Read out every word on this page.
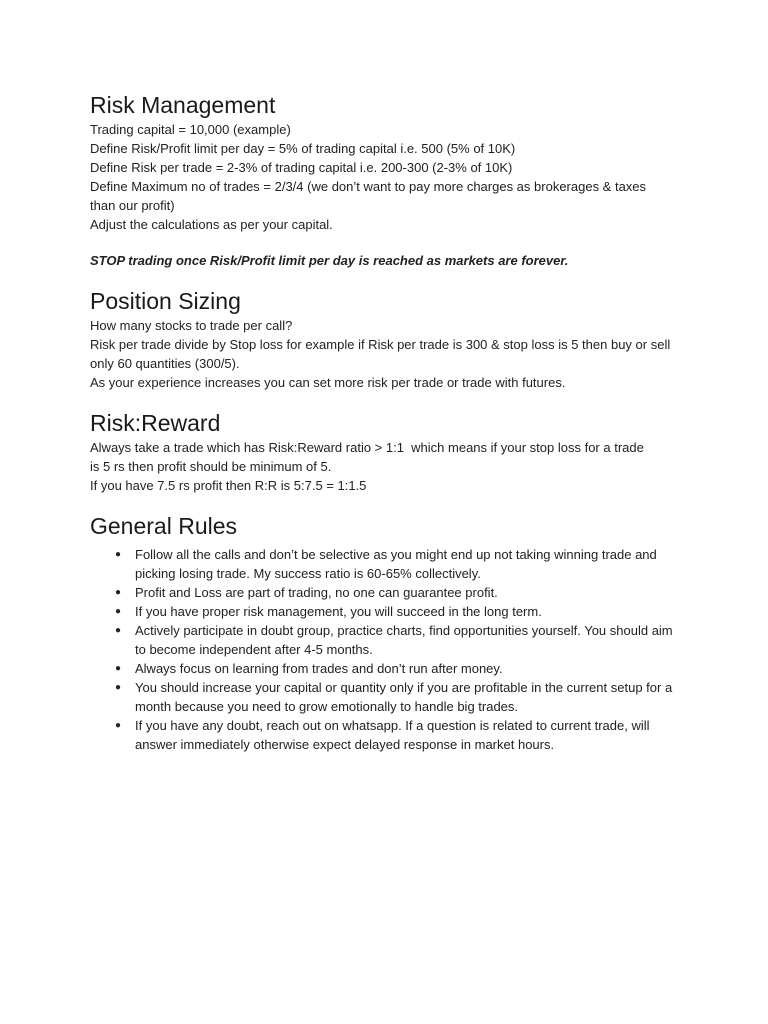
Risk Management

Trading capital = 10,000 (example)

Define Risk/Profit limit per day = 5% of trading capital i.e. 500 (5% of 10K)

Define Risk per trade = 2-3% of trading capital i.e. 200-300 (2-3% of 10K)

Define Maximum no of trades = 2/3/4 (we don’t want to pay more charges as brokerages & taxes than our profit)

Adjust the calculations as per your capital.

STOP trading once Risk/Profit limit per day is reached as markets are forever.

Position Sizing

How many stocks to trade per call?

Risk per trade divide by Stop loss for example if Risk per trade is 300 & stop loss is 5 then buy or sell only 60 quantities (300/5).

As your experience increases you can set more risk per trade or trade with futures.

Risk:Reward

Always take a trade which has Risk:Reward ratio > 1:1  which means if your stop loss for a trade is 5 rs then profit should be minimum of 5.

If you have 7.5 rs profit then R:R is 5:7.5 = 1:1.5

General Rules
● Follow all the calls and don’t be selective as you might end up not taking winning trade and picking losing trade. My success ratio is 60-65% collectively.
● Profit and Loss are part of trading, no one can guarantee profit.
● If you have proper risk management, you will succeed in the long term.
● Actively participate in doubt group, practice charts, find opportunities yourself. You should aim to become independent after 4-5 months.
● Always focus on learning from trades and don’t run after money.
● You should increase your capital or quantity only if you are profitable in the current setup for a month because you need to grow emotionally to handle big trades.
● If you have any doubt, reach out on whatsapp. If a question is related to current trade, will answer immediately otherwise expect delayed response in market hours.
